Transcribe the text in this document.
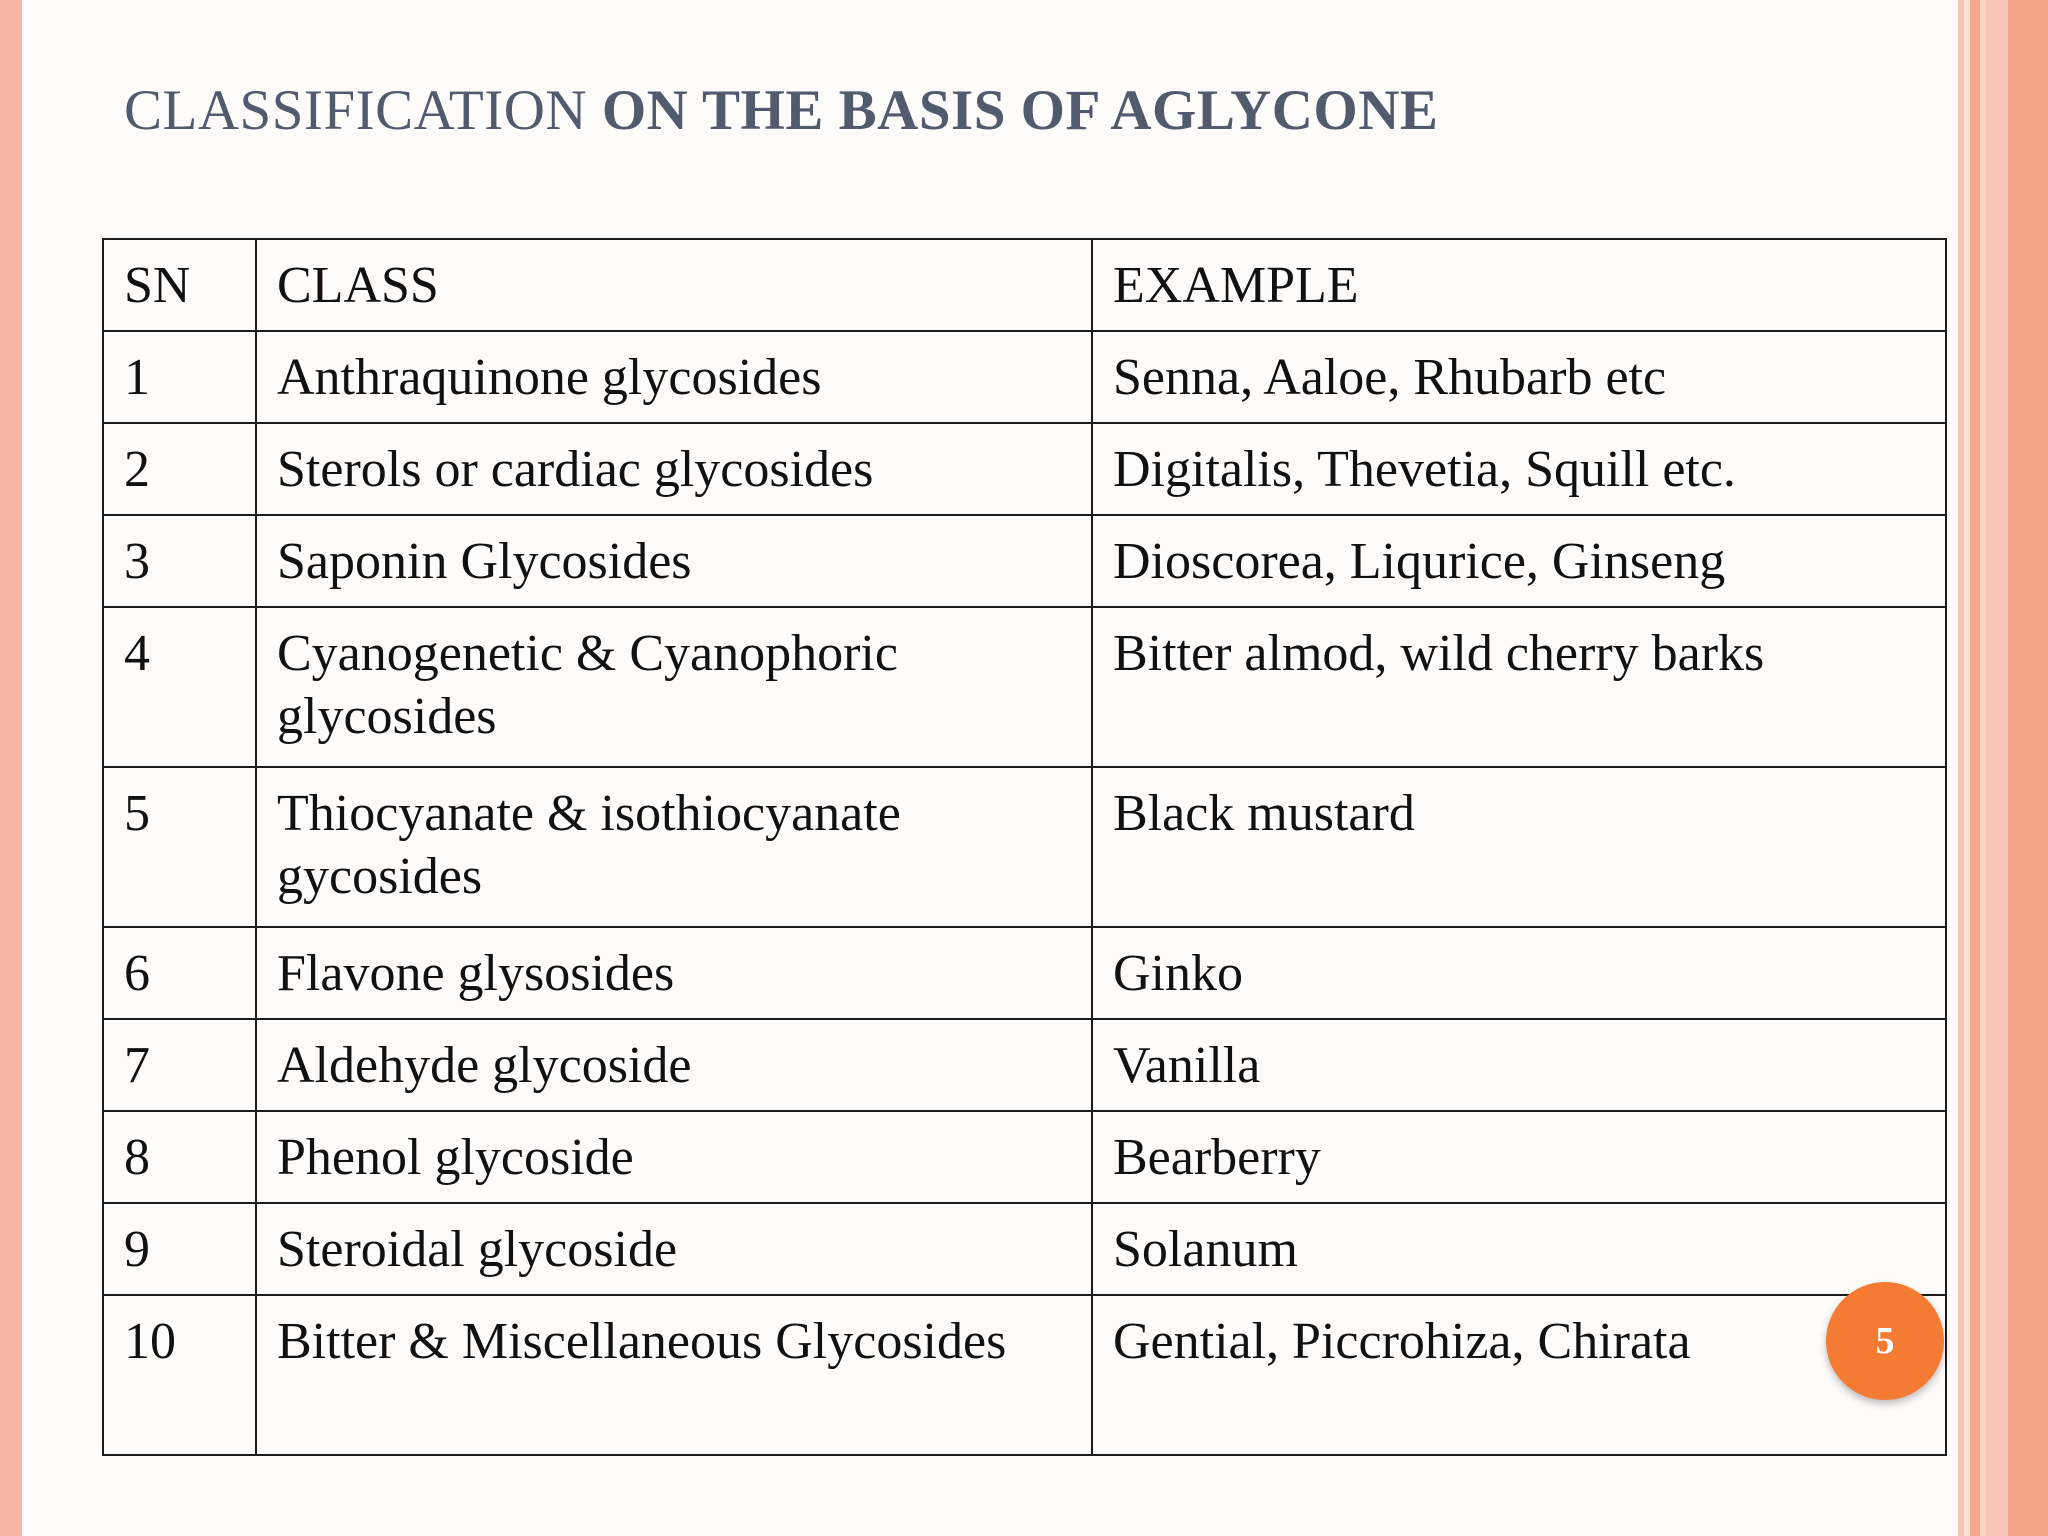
CLASSIFICATION ON THE BASIS OF AGLYCONE
SN	CLASS	EXAMPLE
1	Anthraquinone glycosides	Senna, Aaloe, Rhubarb etc
2	Sterols or cardiac glycosides	Digitalis, Thevetia, Squill etc.
3	Saponin Glycosides	Dioscorea, Liqurice, Ginseng
4	Cyanogenetic & Cyanophoric glycosides	Bitter almod, wild cherry barks
5	Thiocyanate & isothiocyanate gycosides	Black mustard
6	Flavone glysosides	Ginko
7	Aldehyde glycoside	Vanilla
8	Phenol glycoside	Bearberry
9	Steroidal glycoside	Solanum
10	Bitter & Miscellaneous Glycosides	Gential, Piccrohiza, Chirata	5
